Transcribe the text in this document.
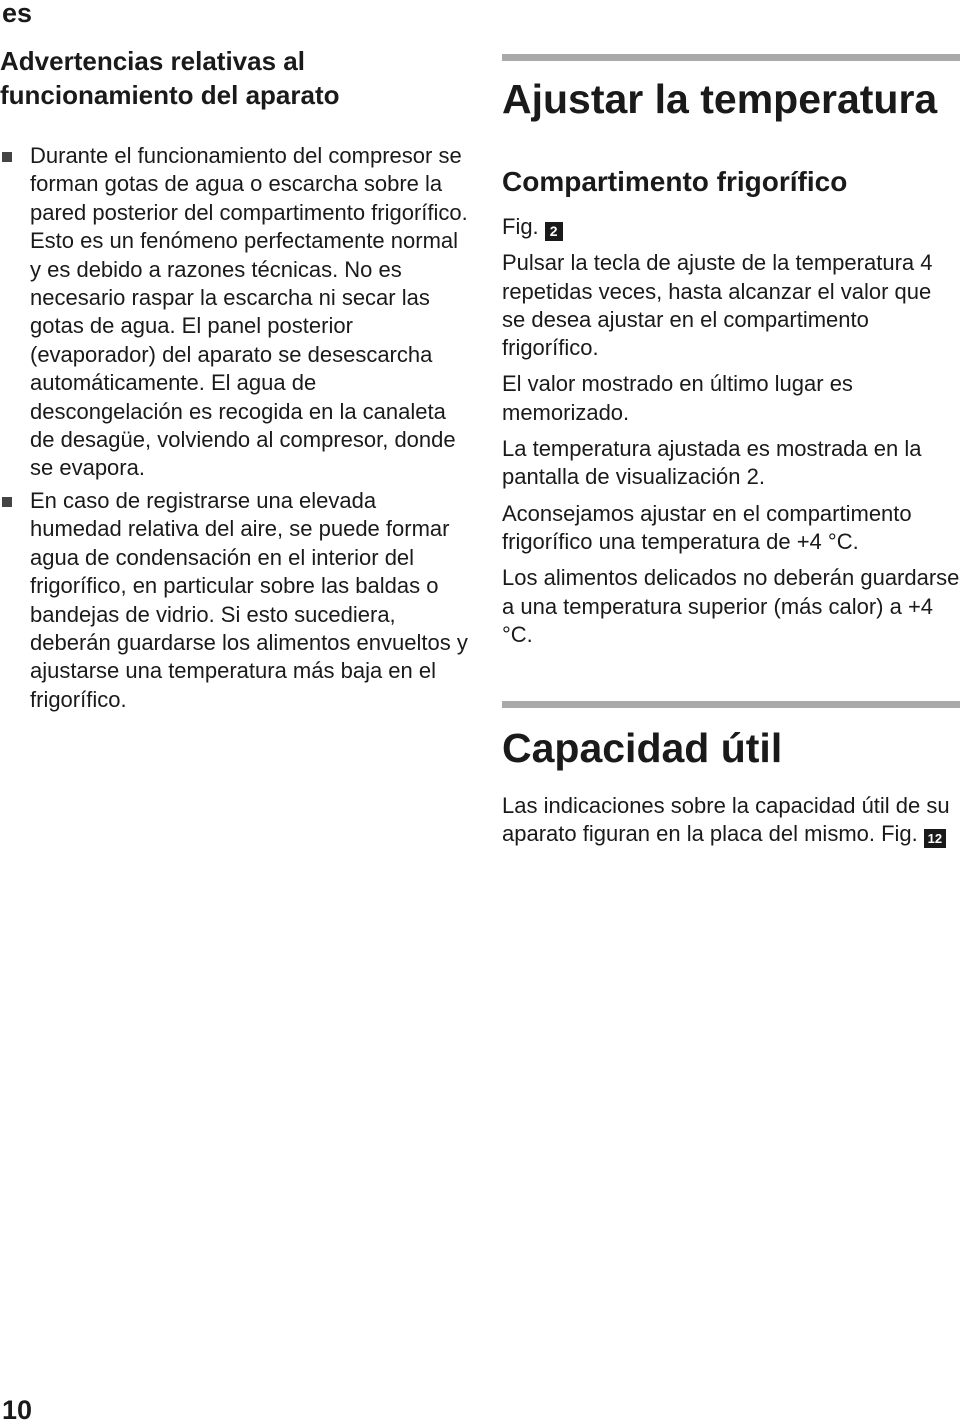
es
Advertencias relativas al funcionamiento del aparato
Durante el funcionamiento del compresor se forman gotas de agua o escarcha sobre la pared posterior del compartimento frigorífico. Esto es un fenómeno perfectamente normal y es debido a razones técnicas. No es necesario raspar la escarcha ni secar las gotas de agua. El panel posterior (evaporador) del aparato se desescarcha automáticamente. El agua de descongelación es recogida en la canaleta de desagüe, volviendo al compresor, donde se evapora.
En caso de registrarse una elevada humedad relativa del aire, se puede formar agua de condensación en el interior del frigorífico, en particular sobre las baldas o bandejas de vidrio. Si esto sucediera, deberán guardarse los alimentos envueltos y ajustarse una temperatura más baja en el frigorífico.
Ajustar la temperatura
Compartimento frigorífico

Fig. 2

Pulsar la tecla de ajuste de la temperatura 4 repetidas veces, hasta alcanzar el valor que se desea ajustar en el compartimento frigorífico.

El valor mostrado en último lugar es memorizado.

La temperatura ajustada es mostrada en la pantalla de visualización 2.

Aconsejamos ajustar en el compartimento frigorífico una temperatura de +4 °C.

Los alimentos delicados no deberán guardarse a una temperatura superior (más calor) a +4 °C.

Capacidad útil

Las indicaciones sobre la capacidad útil de su aparato figuran en la placa del mismo. Fig. 12

10
